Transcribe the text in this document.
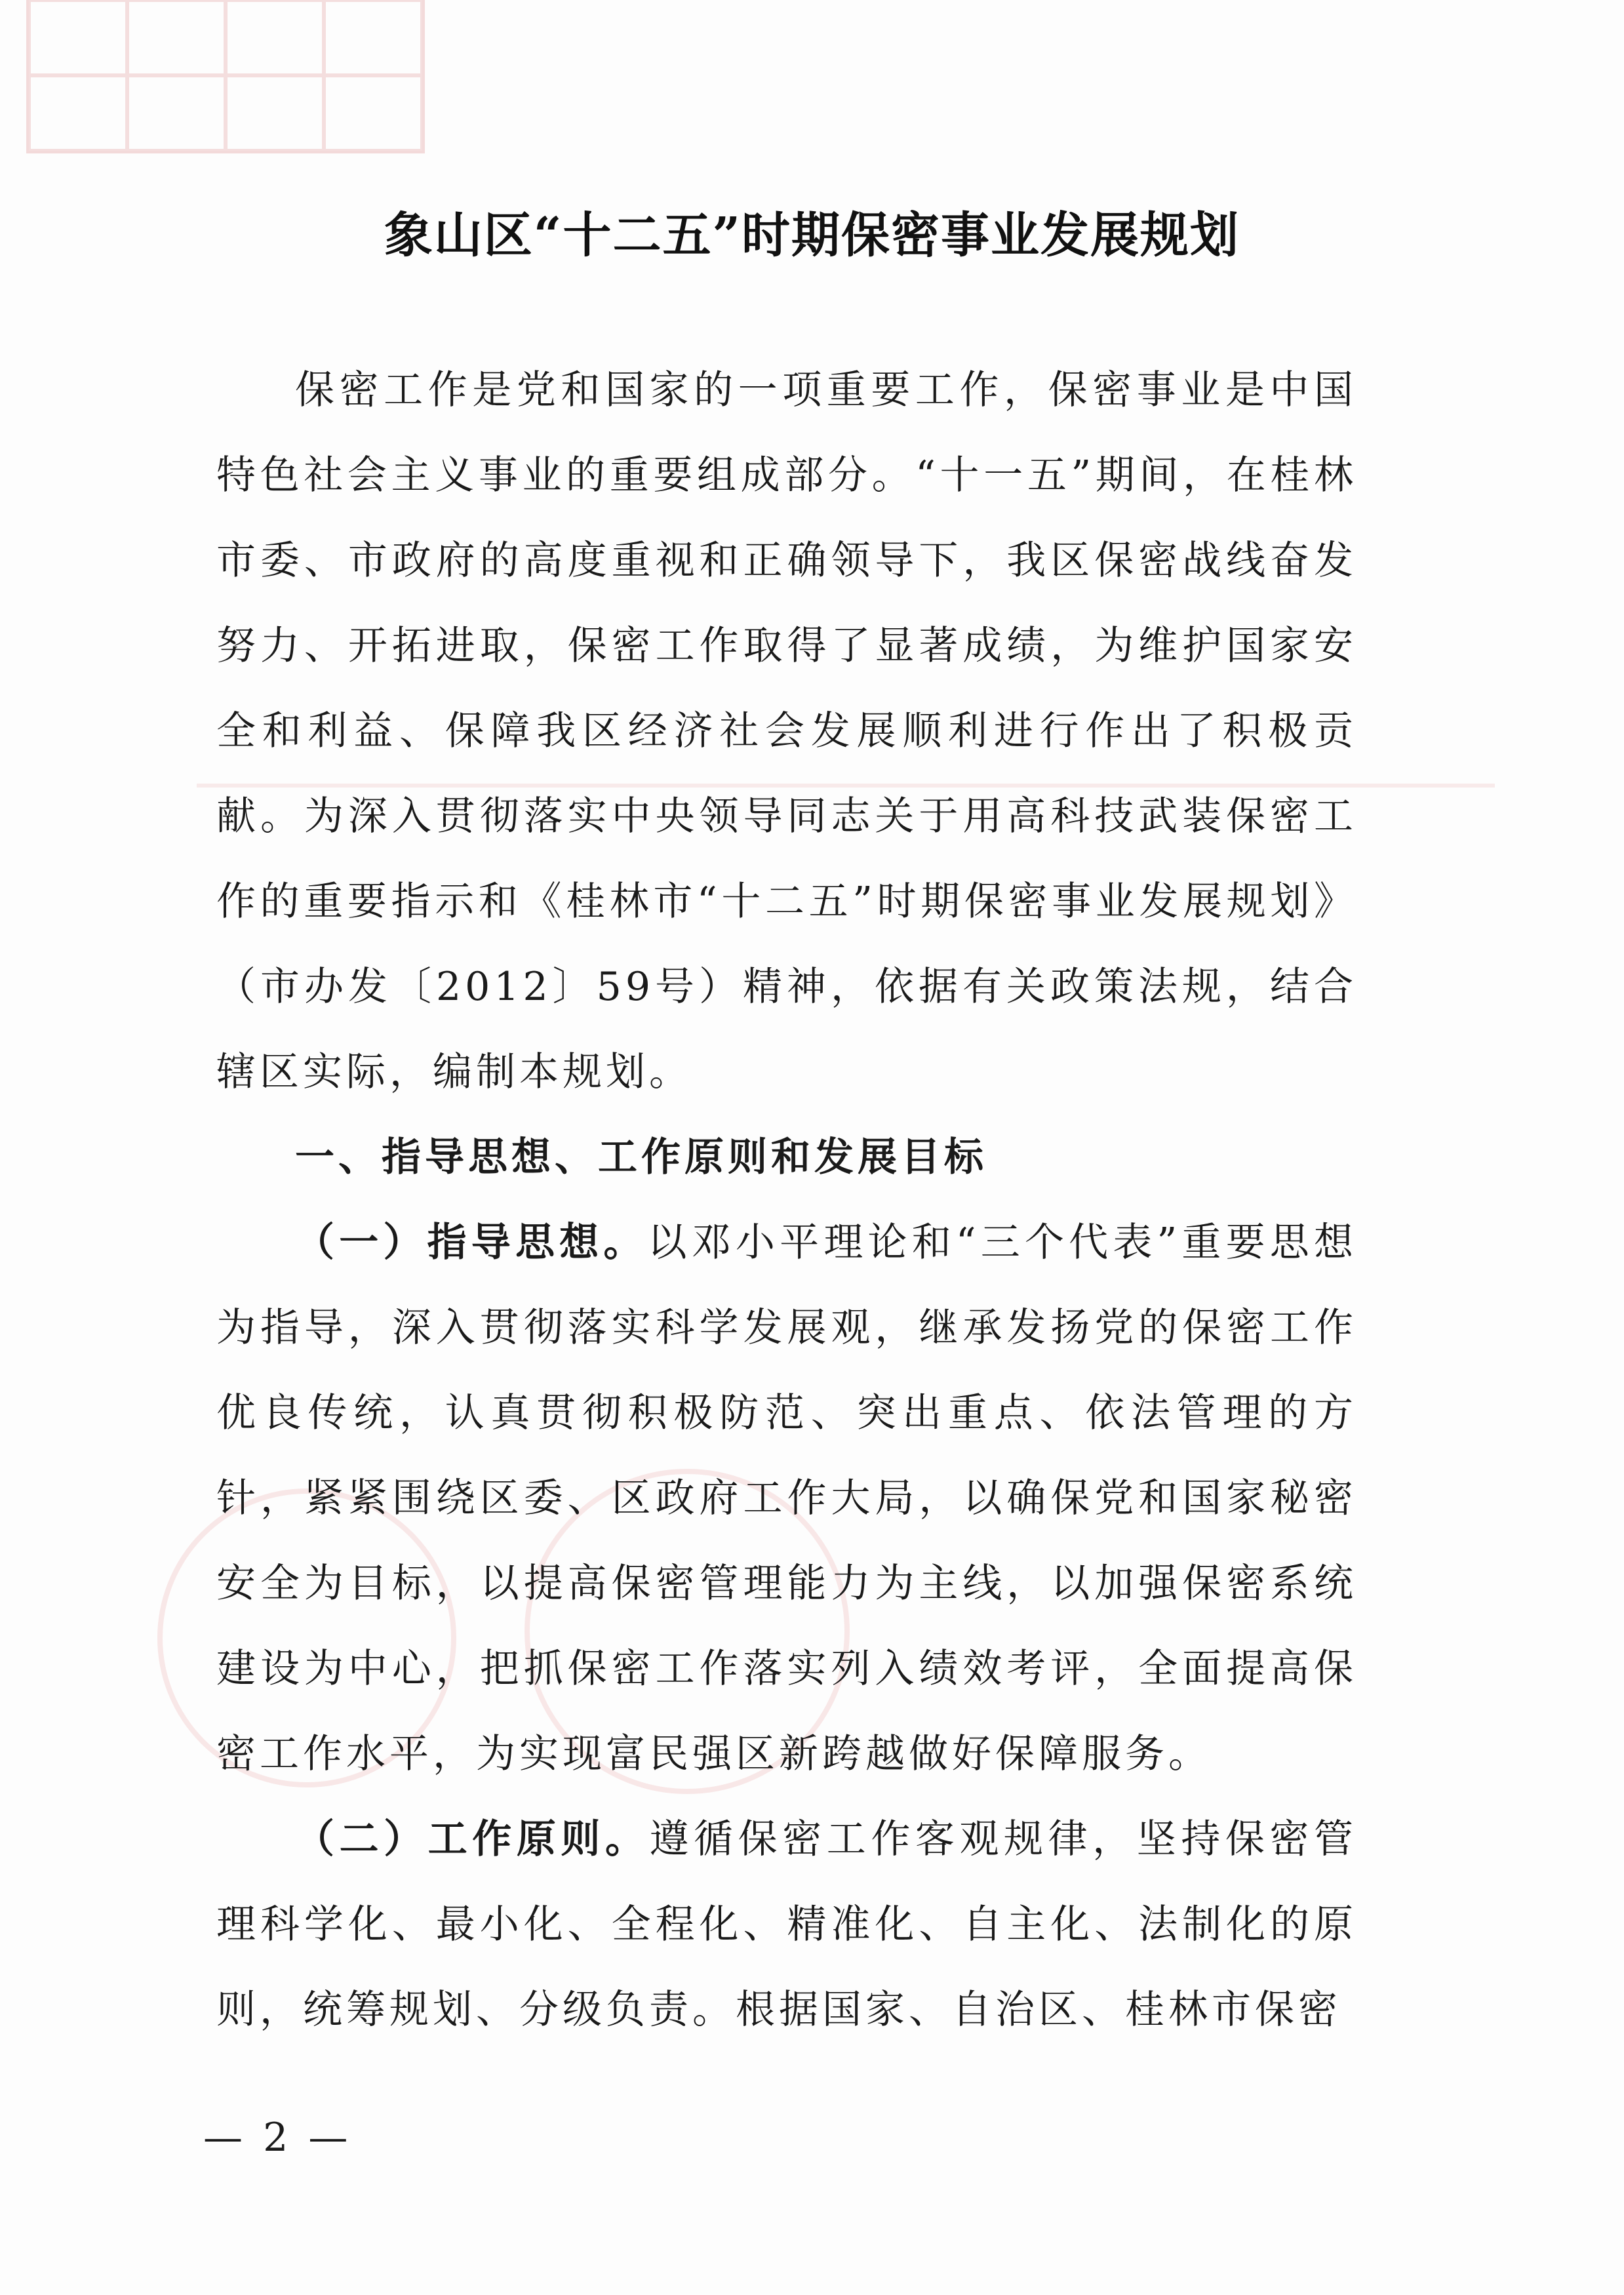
象山区“十二五”时期保密事业发展规划

保密工作是党和国家的一项重要工作，保密事业是中国特色社会主义事业的重要组成部分。“十一五”期间，在桂林市委、市政府的高度重视和正确领导下，我区保密战线奋发努力、开拓进取，保密工作取得了显著成绩，为维护国家安全和利益、保障我区经济社会发展顺利进行作出了积极贡献。为深入贯彻落实中央领导同志关于用高科技武装保密工作的重要指示和《桂林市“十二五”时期保密事业发展规划》（市办发〔2012〕59号）精神，依据有关政策法规，结合辖区实际，编制本规划。

一、指导思想、工作原则和发展目标

（一）指导思想。以邓小平理论和“三个代表”重要思想为指导，深入贯彻落实科学发展观，继承发扬党的保密工作优良传统，认真贯彻积极防范、突出重点、依法管理的方针，紧紧围绕区委、区政府工作大局，以确保党和国家秘密安全为目标，以提高保密管理能力为主线，以加强保密系统建设为中心，把抓保密工作落实列入绩效考评，全面提高保密工作水平，为实现富民强区新跨越做好保障服务。

（二）工作原则。遵循保密工作客观规律，坚持保密管理科学化、最小化、全程化、精准化、自主化、法制化的原则，统筹规划、分级负责。根据国家、自治区、桂林市保密

— 2 —
